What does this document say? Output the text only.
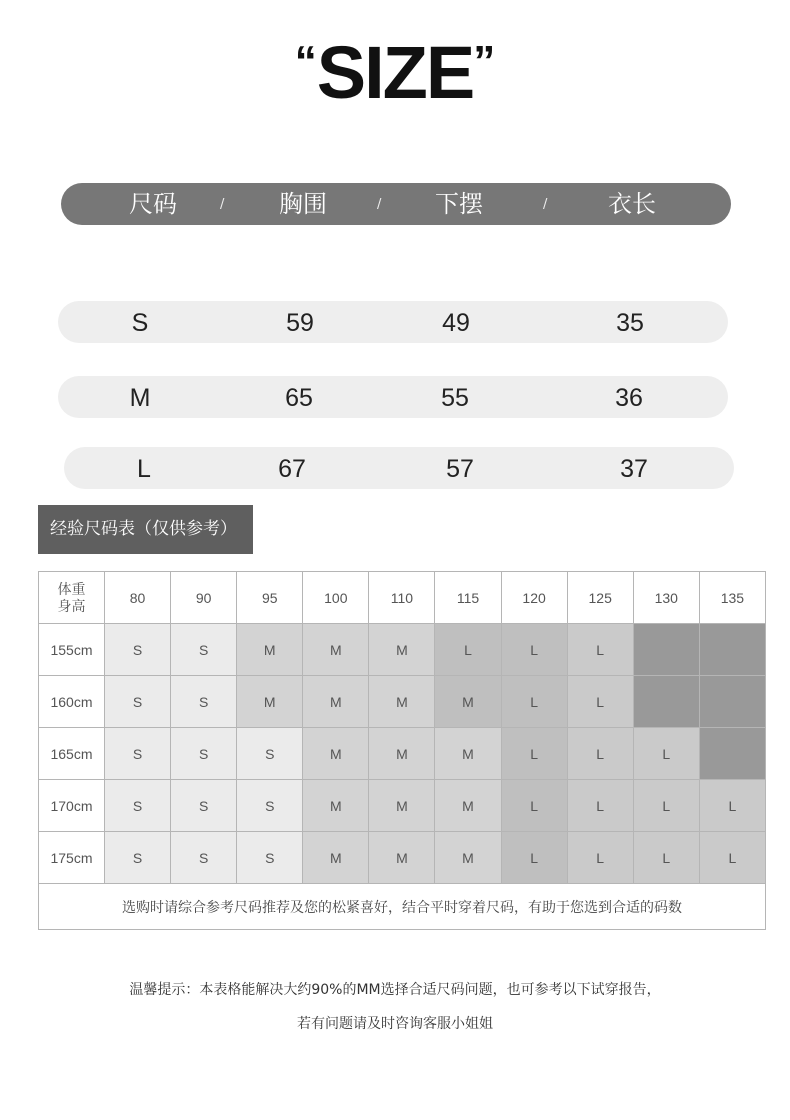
“SIZE”
尺码	/	胸围	/	下摆	/	衣长
S	59	49	35
M	65	55	36
L	67	57	37
经验尺码表（仅供参考）
体重
身高	80	90	95	100	110	115	120	125	130	135
155cm	S	S	M	M	M	L	L	L		
160cm	S	S	M	M	M	M	L	L		
165cm	S	S	S	M	M	M	L	L	L	
170cm	S	S	S	M	M	M	L	L	L	L
175cm	S	S	S	M	M	M	L	L	L	L
选购时请综合参考尺码推荐及您的松紧喜好，结合平时穿着尺码，有助于您选到合适的码数										
温馨提示：本表格能解决大约90%的MM选择合适尺码问题，也可参考以下试穿报告，
若有问题请及时咨询客服小姐姐
